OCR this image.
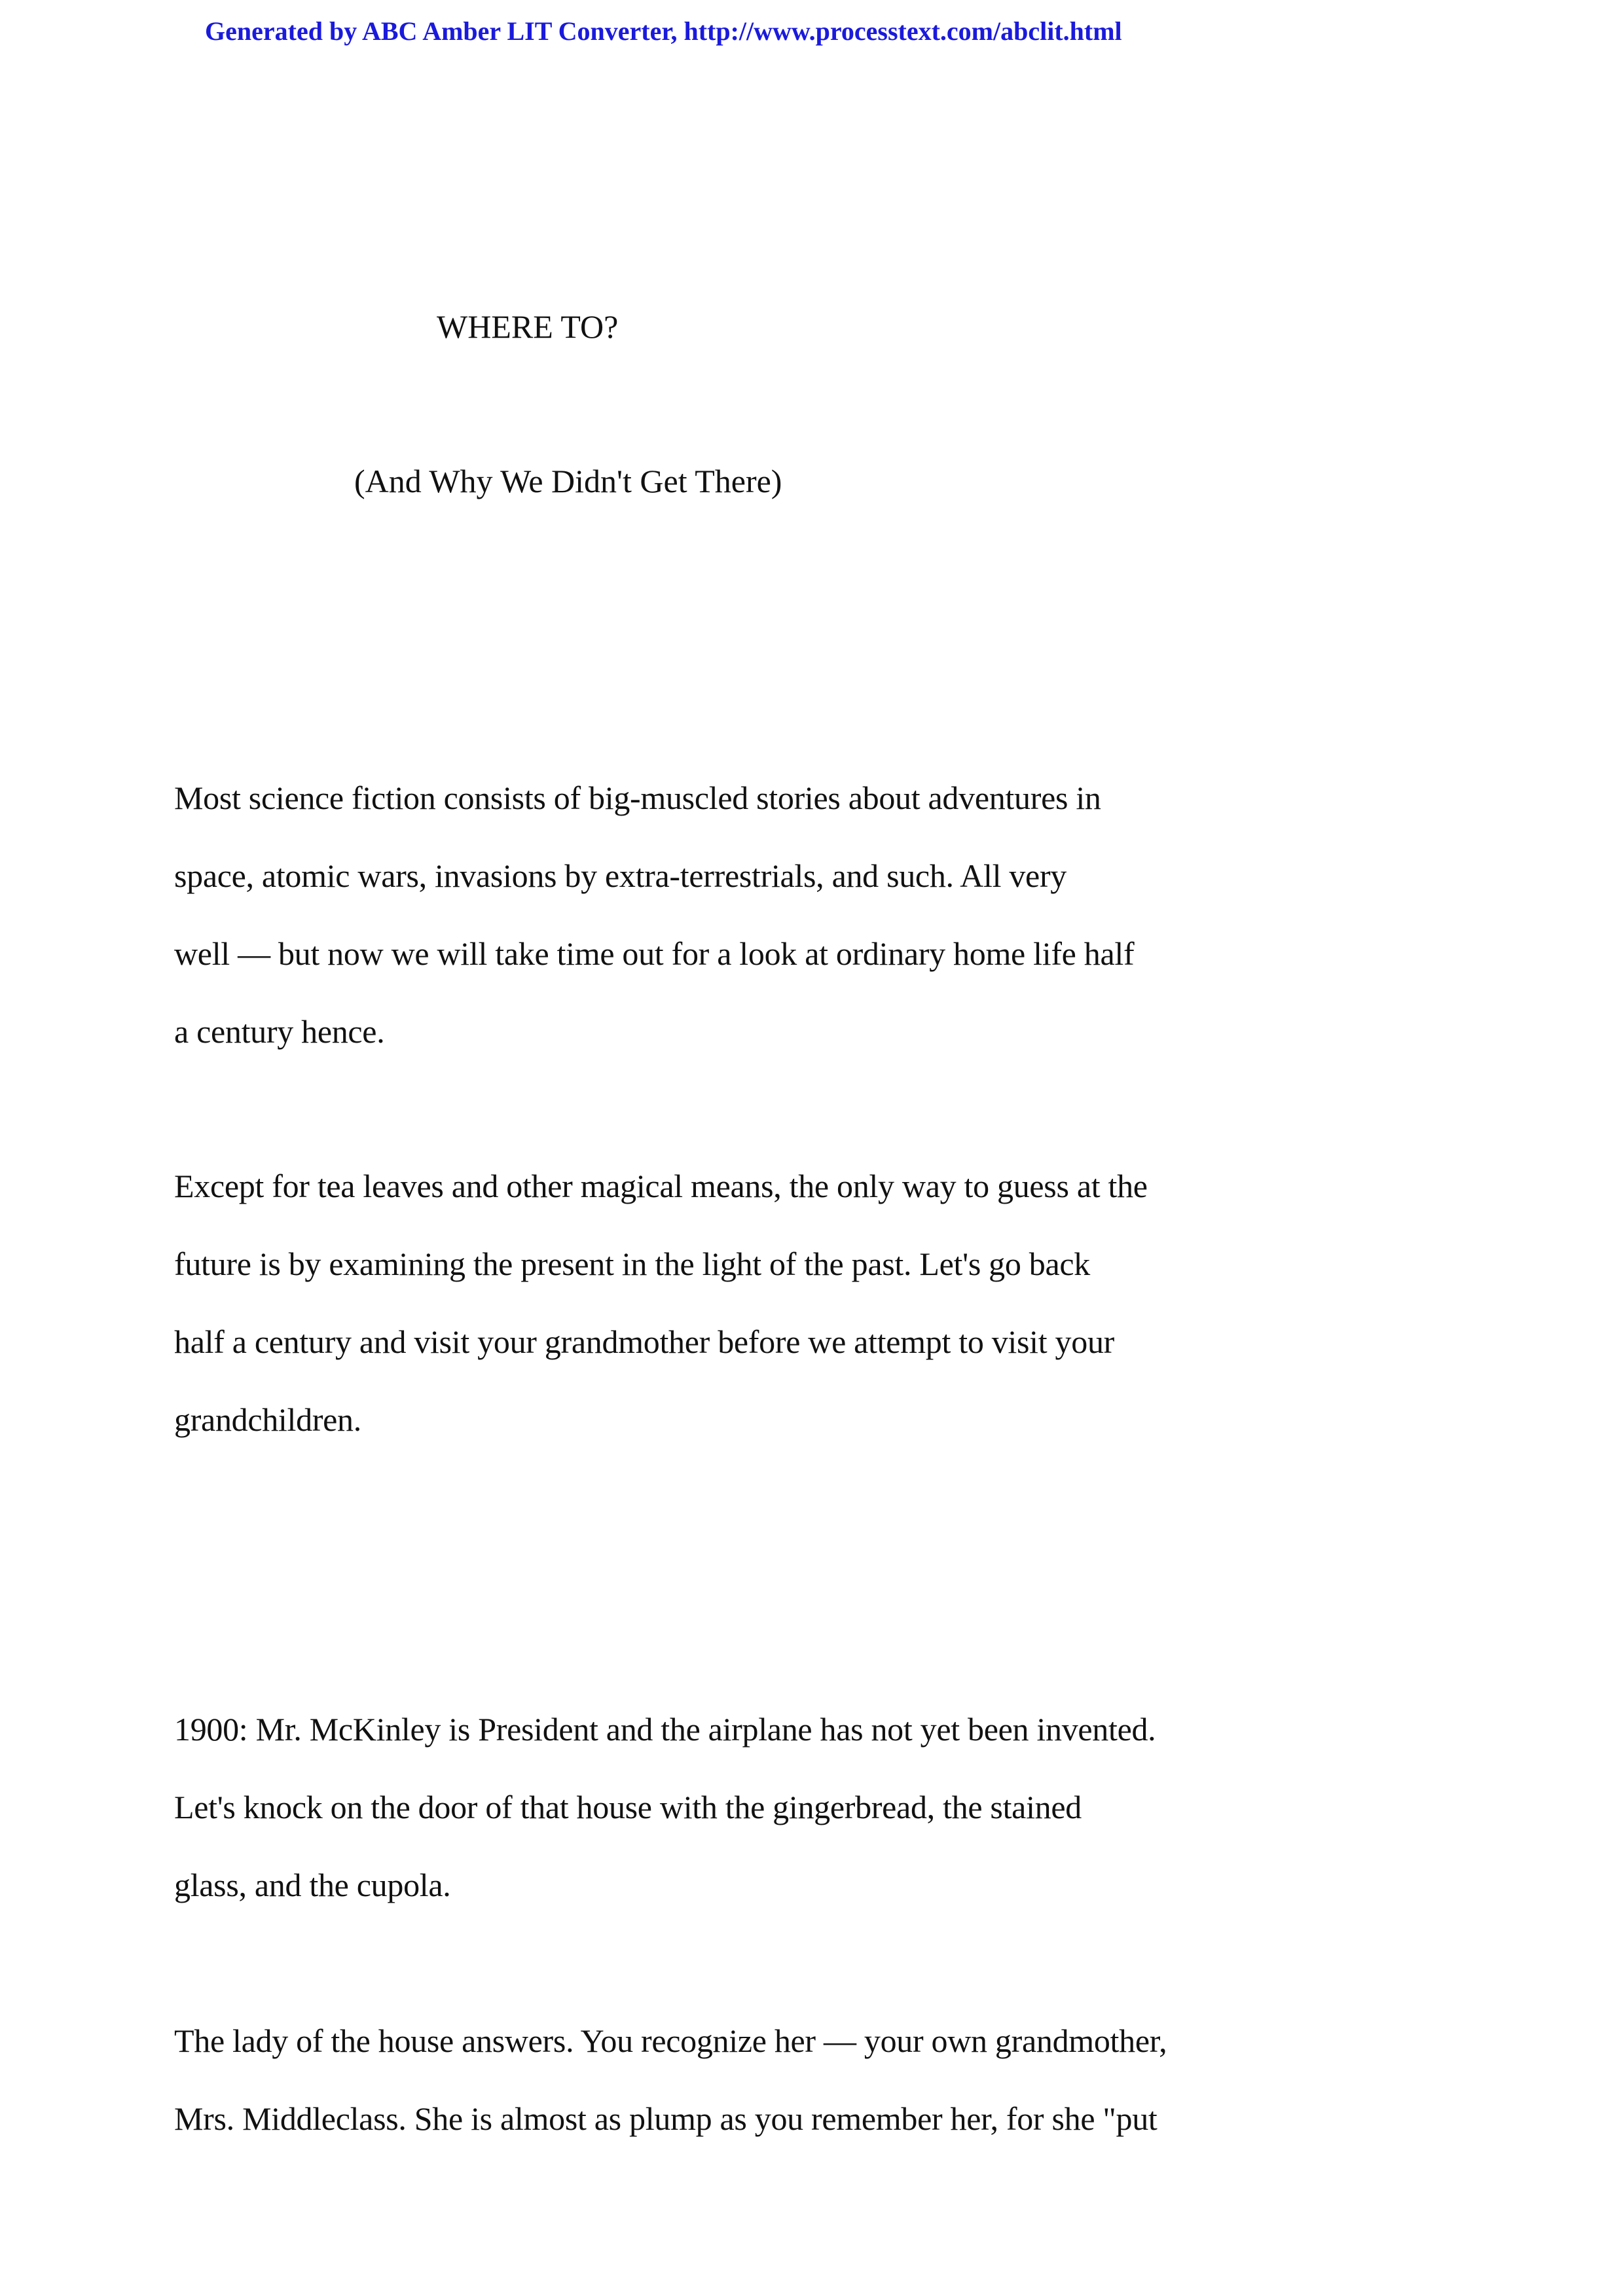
Generated by ABC Amber LIT Converter, http://www.processtext.com/abclit.html
WHERE TO?
(And Why We Didn't Get There)
Most science fiction consists of big-muscled stories about adventures in
space, atomic wars, invasions by extra-terrestrials, and such. All very
well — but now we will take time out for a look at ordinary home life half
a century hence.
Except for tea leaves and other magical means, the only way to guess at the
future is by examining the present in the light of the past. Let's go back
half a century and visit your grandmother before we attempt to visit your
grandchildren.
1900: Mr. McKinley is President and the airplane has not yet been invented.
Let's knock on the door of that house with the gingerbread, the stained
glass, and the cupola.
The lady of the house answers. You recognize her — your own grandmother,
Mrs. Middleclass. She is almost as plump as you remember her, for she "put
